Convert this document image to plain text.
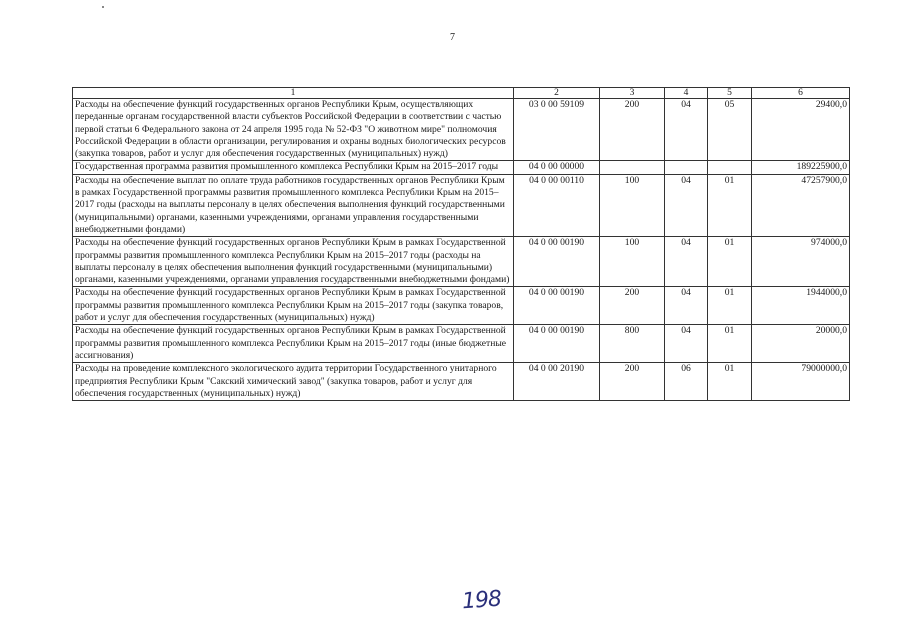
7
1	2	3	4	5	6
Расходы на обеспечение функций государственных органов Республики Крым, осуществляющих переданные органам государственной власти субъектов Российской Федерации в соответствии с частью первой статьи 6 Федерального закона от 24 апреля 1995 года № 52-ФЗ "О животном мире" полномочия Российской Федерации в области организации, регулирования и охраны водных биологических ресурсов (закупка товаров, работ и услуг для обеспечения государственных (муниципальных) нужд)	03 0 00 59109	200	04	05	29400,0
Государственная программа развития промышленного комплекса Республики Крым на 2015–2017 годы	04 0 00 00000				189225900,0
Расходы на обеспечение выплат по оплате труда работников государственных органов Республики Крым в рамках Государственной программы развития промышленного комплекса Республики Крым на 2015–2017 годы (расходы на выплаты персоналу в целях обеспечения выполнения функций государственными (муниципальными) органами, казенными учреждениями, органами управления государственными внебюджетными фондами)	04 0 00 00110	100	04	01	47257900,0
Расходы на обеспечение функций государственных органов Республики Крым в рамках Государственной программы развития промышленного комплекса Республики Крым на 2015–2017 годы (расходы на выплаты персоналу в целях обеспечения выполнения функций государственными (муниципальными) органами, казенными учреждениями, органами управления государственными внебюджетными фондами)	04 0 00 00190	100	04	01	974000,0
Расходы на обеспечение функций государственных органов Республики Крым в рамках Государственной программы развития промышленного комплекса Республики Крым на 2015–2017 годы (закупка товаров, работ и услуг для обеспечения государственных (муниципальных) нужд)	04 0 00 00190	200	04	01	1944000,0
Расходы на обеспечение функций государственных органов Республики Крым в рамках Государственной программы развития промышленного комплекса Республики Крым на 2015–2017 годы (иные бюджетные ассигнования)	04 0 00 00190	800	04	01	20000,0
Расходы на проведение комплексного экологического аудита территории Государственного унитарного предприятия Республики Крым "Сакский химический завод" (закупка товаров, работ и услуг для обеспечения государственных (муниципальных) нужд)	04 0 00 20190	200	06	01	79000000,0
198
